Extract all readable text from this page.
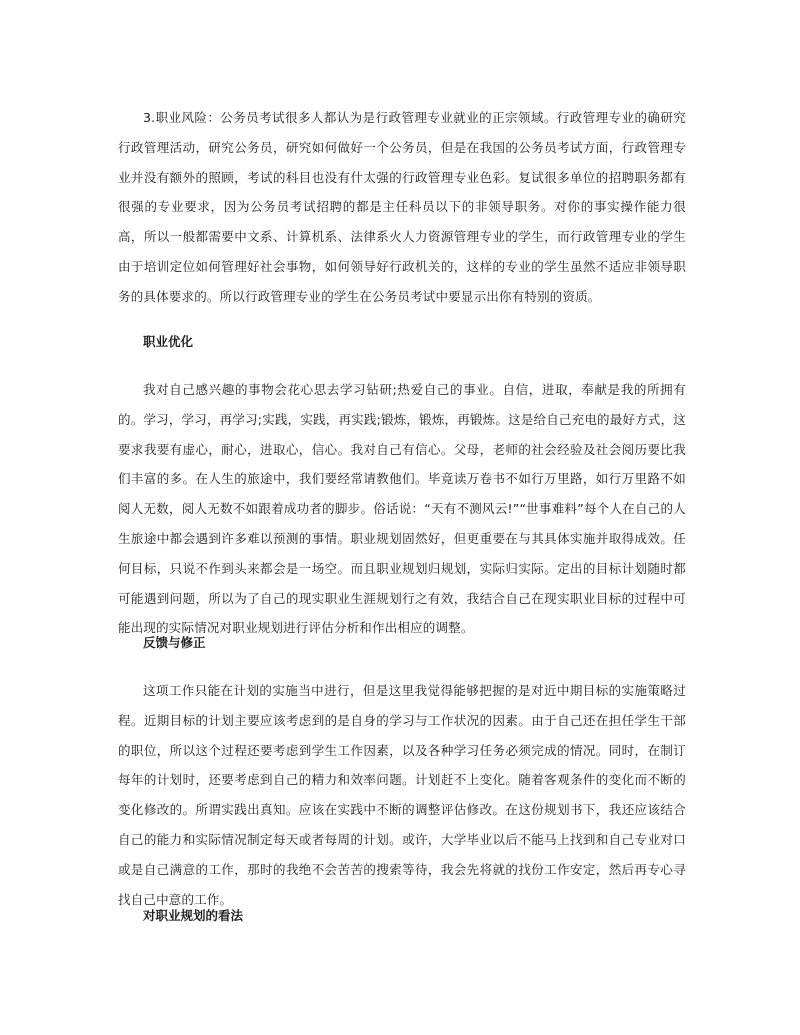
3.职业风险：公务员考试很多人都认为是行政管理专业就业的正宗领域。行政管理专业的确研究行政管理活动，研究公务员，研究如何做好一个公务员，但是在我国的公务员考试方面，行政管理专业并没有额外的照顾，考试的科目也没有什太强的行政管理专业色彩。复试很多单位的招聘职务都有很强的专业要求，因为公务员考试招聘的都是主任科员以下的非领导职务。对你的事实操作能力很高，所以一般都需要中文系、计算机系、法律系火人力资源管理专业的学生，而行政管理专业的学生由于培训定位如何管理好社会事物，如何领导好行政机关的，这样的专业的学生虽然不适应非领导职务的具体要求的。所以行政管理专业的学生在公务员考试中要显示出你有特别的资质。

职业优化

我对自己感兴趣的事物会花心思去学习钻研;热爱自己的事业。自信，进取，奉献是我的所拥有的。学习，学习，再学习;实践，实践，再实践;锻炼，锻炼，再锻炼。这是给自己充电的最好方式，这要求我要有虚心，耐心，进取心，信心。我对自己有信心。父母，老师的社会经验及社会阅历要比我们丰富的多。在人生的旅途中，我们要经常请教他们。毕竟读万卷书不如行万里路，如行万里路不如阅人无数，阅人无数不如跟着成功者的脚步。俗话说：“天有不测风云!”“世事难料”每个人在自己的人生旅途中都会遇到许多难以预测的事情。职业规划固然好，但更重要在与其具体实施并取得成效。任何目标，只说不作到头来都会是一场空。而且职业规划归规划，实际归实际。定出的目标计划随时都可能遇到问题，所以为了自己的现实职业生涯规划行之有效，我结合自己在现实职业目标的过程中可能出现的实际情况对职业规划进行评估分析和作出相应的调整。

反馈与修正

这项工作只能在计划的实施当中进行，但是这里我觉得能够把握的是对近中期目标的实施策略过程。近期目标的计划主要应该考虑到的是自身的学习与工作状况的因素。由于自己还在担任学生干部的职位，所以这个过程还要考虑到学生工作因素，以及各种学习任务必须完成的情况。同时，在制订每年的计划时，还要考虑到自己的精力和效率问题。计划赶不上变化。随着客观条件的变化而不断的变化修改的。所谓实践出真知。应该在实践中不断的调整评估修改。在这份规划书下，我还应该结合自己的能力和实际情况制定每天或者每周的计划。或许，大学毕业以后不能马上找到和自己专业对口或是自己满意的工作，那时的我绝不会苦苦的搜索等待，我会先将就的找份工作安定，然后再专心寻找自己中意的工作。

对职业规划的看法
